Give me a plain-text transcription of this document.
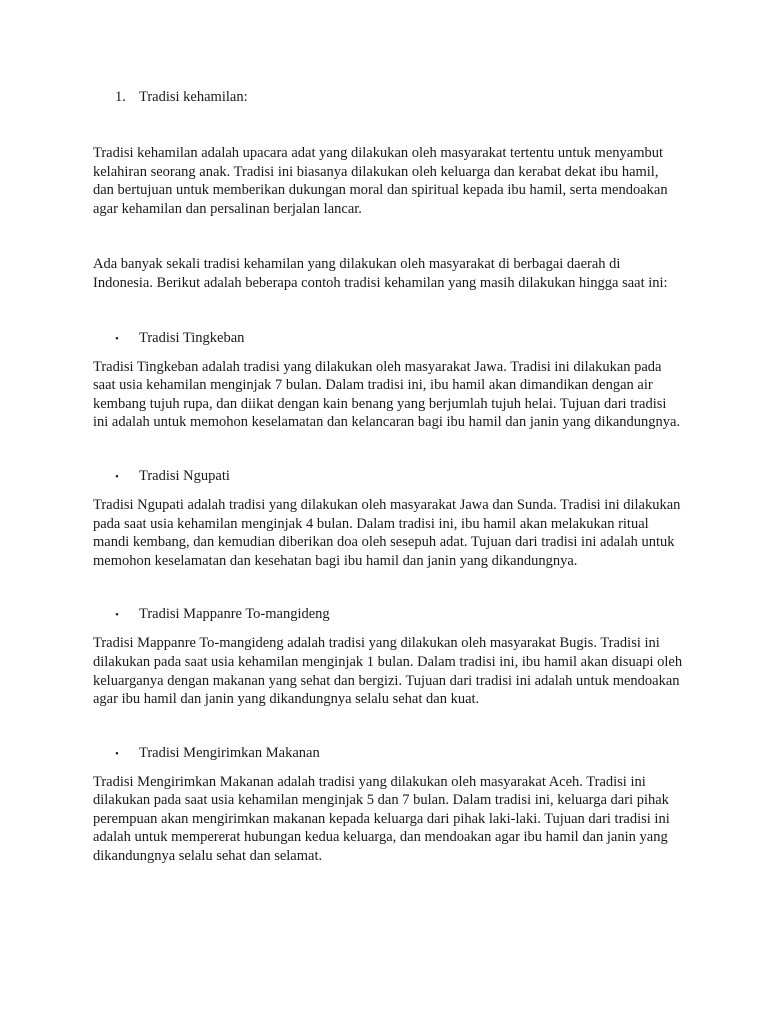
1. Tradisi kehamilan:

Tradisi kehamilan adalah upacara adat yang dilakukan oleh masyarakat tertentu untuk menyambut kelahiran seorang anak. Tradisi ini biasanya dilakukan oleh keluarga dan kerabat dekat ibu hamil, dan bertujuan untuk memberikan dukungan moral dan spiritual kepada ibu hamil, serta mendoakan agar kehamilan dan persalinan berjalan lancar.

Ada banyak sekali tradisi kehamilan yang dilakukan oleh masyarakat di berbagai daerah di Indonesia. Berikut adalah beberapa contoh tradisi kehamilan yang masih dilakukan hingga saat ini:

•	Tradisi Tingkeban

Tradisi Tingkeban adalah tradisi yang dilakukan oleh masyarakat Jawa. Tradisi ini dilakukan pada saat usia kehamilan menginjak 7 bulan. Dalam tradisi ini, ibu hamil akan dimandikan dengan air kembang tujuh rupa, dan diikat dengan kain benang yang berjumlah tujuh helai. Tujuan dari tradisi ini adalah untuk memohon keselamatan dan kelancaran bagi ibu hamil dan janin yang dikandungnya.

•	Tradisi Ngupati

Tradisi Ngupati adalah tradisi yang dilakukan oleh masyarakat Jawa dan Sunda. Tradisi ini dilakukan pada saat usia kehamilan menginjak 4 bulan. Dalam tradisi ini, ibu hamil akan melakukan ritual mandi kembang, dan kemudian diberikan doa oleh sesepuh adat. Tujuan dari tradisi ini adalah untuk memohon keselamatan dan kesehatan bagi ibu hamil dan janin yang dikandungnya.

•	Tradisi Mappanre To-mangideng

Tradisi Mappanre To-mangideng adalah tradisi yang dilakukan oleh masyarakat Bugis. Tradisi ini dilakukan pada saat usia kehamilan menginjak 1 bulan. Dalam tradisi ini, ibu hamil akan disuapi oleh keluarganya dengan makanan yang sehat dan bergizi. Tujuan dari tradisi ini adalah untuk mendoakan agar ibu hamil dan janin yang dikandungnya selalu sehat dan kuat.

•	Tradisi Mengirimkan Makanan

Tradisi Mengirimkan Makanan adalah tradisi yang dilakukan oleh masyarakat Aceh. Tradisi ini dilakukan pada saat usia kehamilan menginjak 5 dan 7 bulan. Dalam tradisi ini, keluarga dari pihak perempuan akan mengirimkan makanan kepada keluarga dari pihak laki-laki. Tujuan dari tradisi ini adalah untuk mempererat hubungan kedua keluarga, dan mendoakan agar ibu hamil dan janin yang dikandungnya selalu sehat dan selamat.
